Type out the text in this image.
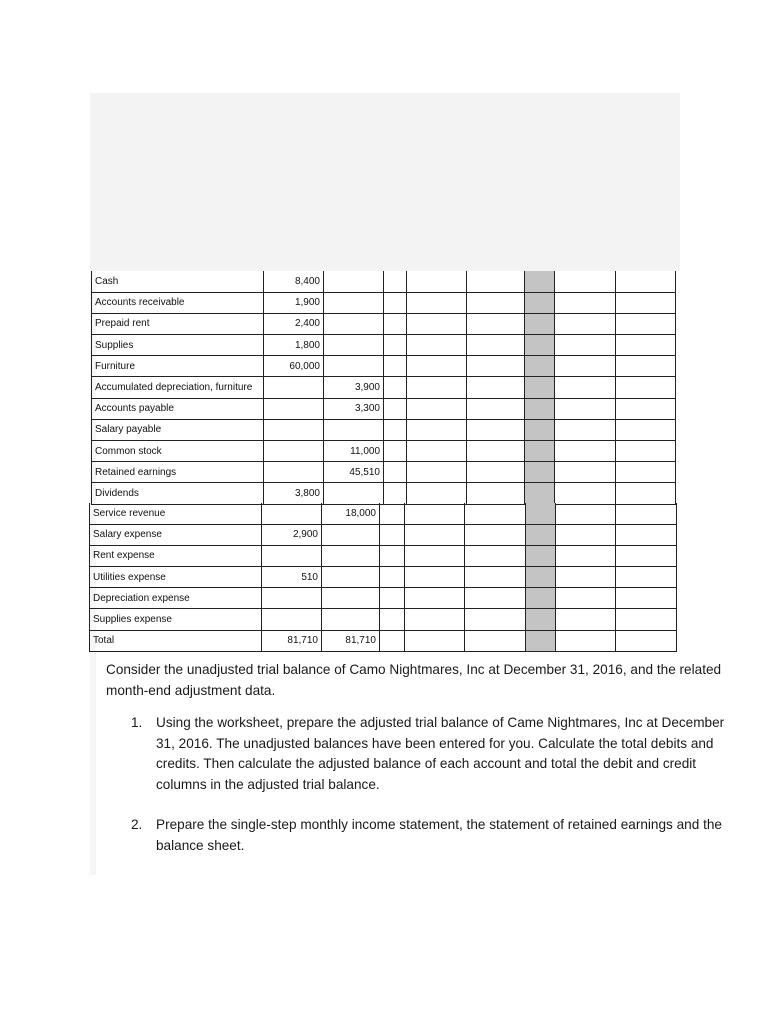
Cash	8,400							
Accounts receivable	1,900							
Prepaid rent	2,400							
Supplies	1,800							
Furniture	60,000							
Accumulated depreciation, furniture		3,900						
Accounts payable		3,300						
Salary payable								
Common stock		11,000						
Retained earnings		45,510						
Dividends	3,800							
Service revenue		18,000						
Salary expense	2,900							
Rent expense								
Utilities expense	510							
Depreciation expense								
Supplies expense								
Total	81,710	81,710						

Consider the unadjusted trial balance of Camo Nightmares, Inc at December 31, 2016, and the related month-end adjustment data.

1. Using the worksheet, prepare the adjusted trial balance of Came Nightmares, Inc at December 31, 2016. The unadjusted balances have been entered for you. Calculate the total debits and credits. Then calculate the adjusted balance of each account and total the debit and credit columns in the adjusted trial balance.
2. Prepare the single-step monthly income statement, the statement of retained earnings and the balance sheet.
